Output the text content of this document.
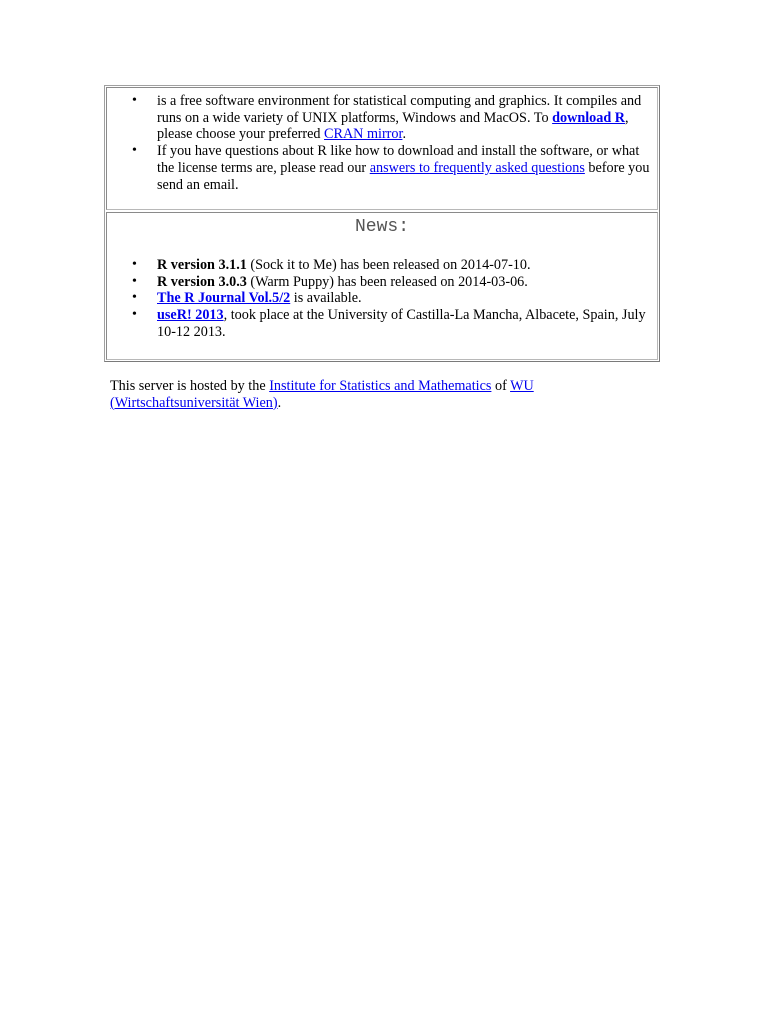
• is a free software environment for statistical computing and graphics. It compiles and runs on a wide variety of UNIX platforms, Windows and MacOS. To download R, please choose your preferred CRAN mirror.
• If you have questions about R like how to download and install the software, or what the license terms are, please read our answers to frequently asked questions before you send an email.
News:
• R version 3.1.1 (Sock it to Me) has been released on 2014-07-10.
• R version 3.0.3 (Warm Puppy) has been released on 2014-03-06.
• The R Journal Vol.5/2 is available.
• useR! 2013, took place at the University of Castilla-La Mancha, Albacete, Spain, July 10-12 2013.
This server is hosted by the Institute for Statistics and Mathematics of WU (Wirtschaftsuniversität Wien).
